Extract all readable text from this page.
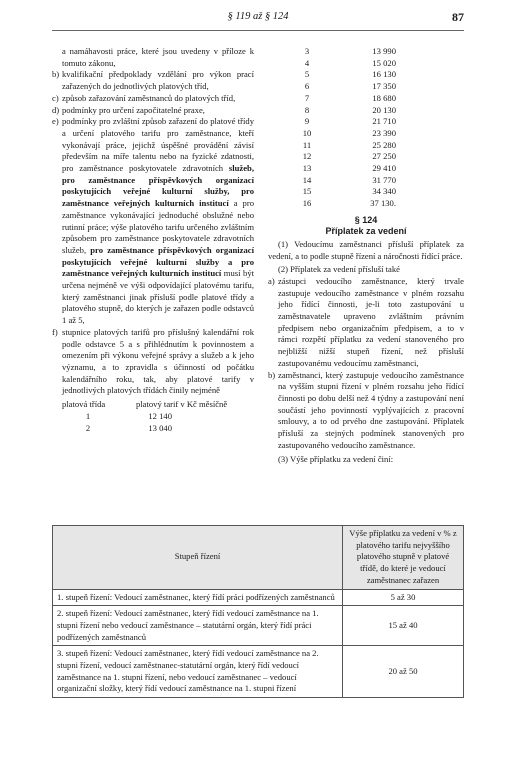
§ 119 až § 124	87
a namáhavosti práce, které jsou uvedeny v příloze k tomuto zákonu,
b) kvalifikační předpoklady vzdělání pro výkon prací zařazených do jednotlivých platových tříd,
c) způsob zařazování zaměstnanců do platových tříd,
d) podmínky pro určení započitatelné praxe,
e) podmínky pro zvláštní způsob zařazení do platové třídy a určení platového tarifu pro zaměstnance, kteří vykonávají práce, jejichž úspěšné provádění závisí především na míře talentu nebo na fyzické zdatnosti, pro zaměstnance poskytovatele zdravotních služeb, pro zaměstnance příspěvkových organizací poskytujících veřejné kulturní služby, pro zaměstnance veřejných kulturních institucí a pro zaměstnance vykonávající jednoduché obslužné nebo rutinní práce; výše platového tarifu určeného zvláštním způsobem pro zaměstnance poskytovatele zdravotních služeb, pro zaměstnance příspěvkových organizací poskytujících veřejné kulturní služby a pro zaměstnance veřejných kulturních institucí musí být určena nejméně ve výši odpovídající platovému tarifu, který zaměstnanci jinak přísluší podle platové třídy a platového stupně, do kterých je zařazen podle odstavců 1 až 5,
f) stupnice platových tarifů pro příslušný kalendářní rok podle odstavce 5 a s přihlédnutím k povinnostem a omezením při výkonu veřejné správy a služeb a k jeho významu, a to zpravidla s účinností od počátku kalendářního roku, tak, aby platové tarify v jednotlivých platových třídách činily nejméně
platová třída	platový tarif v Kč měsíčně
1	12 140
2	13 040
3	13 990
4	15 020
5	16 130
6	17 350
7	18 680
8	20 130
9	21 710
10	23 390
11	25 280
12	27 250
13	29 410
14	31 770
15	34 340
16	37 130.
§ 124
Příplatek za vedení
(1) Vedoucímu zaměstnanci přísluší příplatek za vedení, a to podle stupně řízení a náročnosti řídící práce.
(2) Příplatek za vedení přísluší také
a) zástupci vedoucího zaměstnance, který trvale zastupuje vedoucího zaměstnance v plném rozsahu jeho řídící činnosti, je-li toto zastupování u zaměstnavatele upraveno zvláštním právním předpisem nebo organizačním předpisem, a to v rámci rozpětí příplatku za vedení stanoveného pro nejbližší nižší stupeň řízení, než přísluší zastupovanému vedoucímu zaměstnanci,
b) zaměstnanci, který zastupuje vedoucího zaměstnance na vyšším stupni řízení v plném rozsahu jeho řídící činnosti po dobu delší než 4 týdny a zastupování není součástí jeho povinností vyplývajících z pracovní smlouvy, a to od prvého dne zastupování. Příplatek přísluší za stejných podmínek stanovených pro zastupovaného vedoucího zaměstnance.
(3) Výše příplatku za vedení činí:
Stupeň řízení	Výše příplatku za vedení v % z platového tarifu nejvyššího platového stupně v platové třídě, do které je vedoucí zaměstnanec zařazen
1. stupeň řízení: Vedoucí zaměstnanec, který řídí práci podřízených zaměstnanců	5 až 30
2. stupeň řízení: Vedoucí zaměstnanec, který řídí vedoucí zaměstnance na 1. stupni řízení nebo vedoucí zaměstnance – statutární orgán, který řídí práci podřízených zaměstnanců	15 až 40
3. stupeň řízení: Vedoucí zaměstnanec, který řídí vedoucí zaměstnance na 2. stupni řízení, vedoucí zaměstnanec-statutární orgán, který řídí vedoucí zaměstnance na 1. stupni řízení, nebo vedoucí zaměstnanec – vedoucí organizační složky, který řídí vedoucí zaměstnance na 1. stupni řízení	20 až 50
